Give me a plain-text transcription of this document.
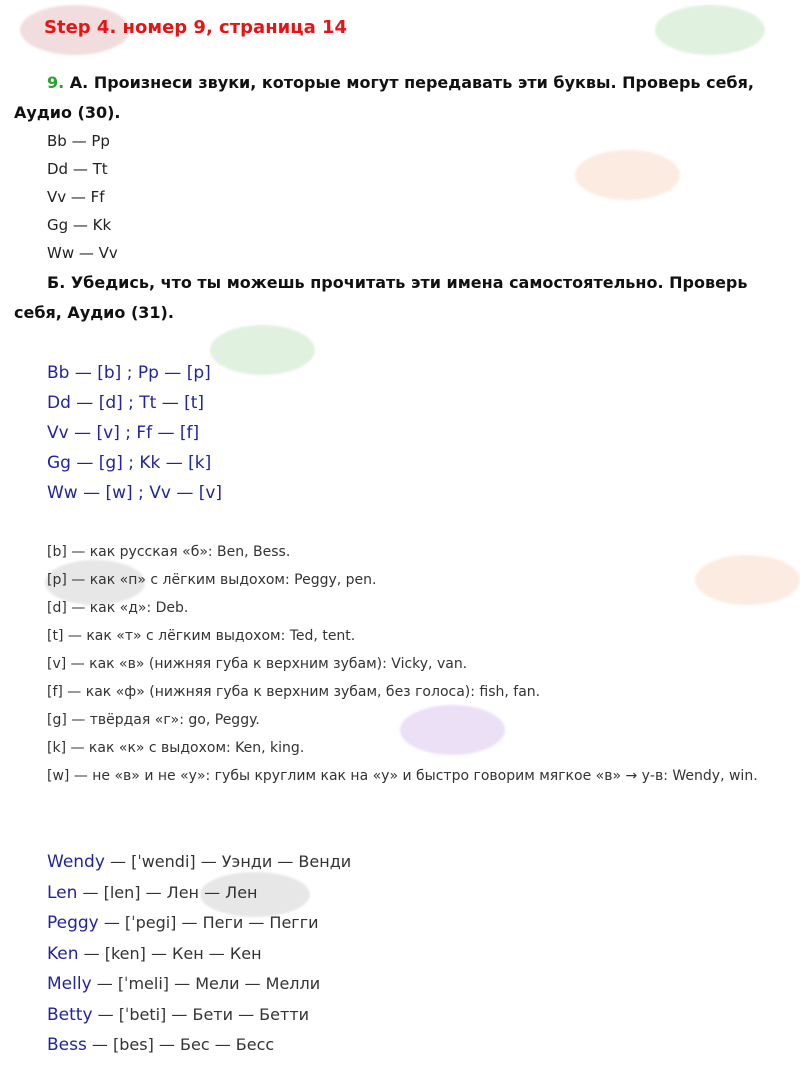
Step 4. номер 9, страница 14
9. А. Произнеси звуки, которые могут передавать эти буквы. Проверь себя, Аудио (30).
Bb — Pp
Dd — Tt
Vv — Ff
Gg — Kk
Ww — Vv
Б. Убедись, что ты можешь прочитать эти имена самостоятельно. Проверь себя, Аудио (31).
Bb — [b] ; Pp — [p]
Dd — [d] ; Tt — [t]
Vv — [v] ; Ff — [f]
Gg — [g] ; Kk — [k]
Ww — [w] ; Vv — [v]
[b] — как русская «б»: Ben, Bess.
[p] — как «п» с лёгким выдохом: Peggy, pen.
[d] — как «д»: Deb.
[t] — как «т» с лёгким выдохом: Ted, tent.
[v] — как «в» (нижняя губа к верхним зубам): Vicky, van.
[f] — как «ф» (нижняя губа к верхним зубам, без голоса): fish, fan.
[g] — твёрдая «г»: go, Peggy.
[k] — как «к» с выдохом: Ken, king.
[w] — не «в» и не «у»: губы круглим как на «у» и быстро говорим мягкое «в» → у-в: Wendy, win.
Wendy — [ˈwendi] — Уэнди — Венди
Len — [len] — Лен — Лен
Peggy — [ˈpegi] — Пеги — Пегги
Ken — [ken] — Кен — Кен
Melly — [ˈmeli] — Мели — Мелли
Betty — [ˈbeti] — Бети — Бетти
Bess — [bes] — Бес — Бесс
